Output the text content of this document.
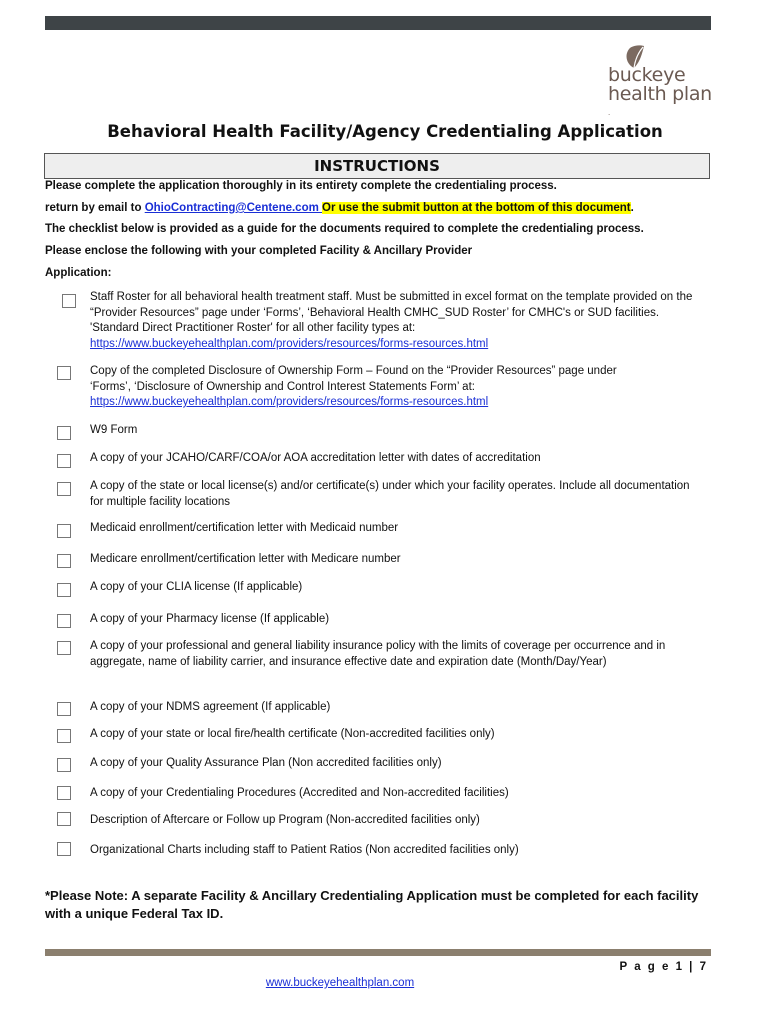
buckeye
health plan
.
Behavioral Health Facility/Agency Credentialing Application
INSTRUCTIONS
Please complete the application thoroughly in its entirety complete the credentialing process.
return by email to OhioContracting@Centene.com Or use the submit button at the bottom of this document.
The checklist below is provided as a guide for the documents required to complete the credentialing process.
Please enclose the following with your completed Facility & Ancillary Provider
Application:
Staff Roster for all behavioral health treatment staff. Must be submitted in excel format on the template provided on the “Provider Resources” page under ‘Forms’, ‘Behavioral Health CMHC_SUD Roster’ for CMHC's or SUD facilities. 'Standard Direct Practitioner Roster' for all other facility types at: https://www.buckeyehealthplan.com/providers/resources/forms-resources.html
Copy of the completed Disclosure of Ownership Form – Found on the “Provider Resources” page under ‘Forms’, ‘Disclosure of Ownership and Control Interest Statements Form’ at: https://www.buckeyehealthplan.com/providers/resources/forms-resources.html
W9 Form
A copy of your JCAHO/CARF/COA/or AOA accreditation letter with dates of accreditation
A copy of the state or local license(s) and/or certificate(s) under which your facility operates. Include all documentation for multiple facility locations
Medicaid enrollment/certification letter with Medicaid number
Medicare enrollment/certification letter with Medicare number
A copy of your CLIA license (If applicable)
A copy of your Pharmacy license (If applicable)
A copy of your professional and general liability insurance policy with the limits of coverage per occurrence and in aggregate, name of liability carrier, and insurance effective date and expiration date (Month/Day/Year)
A copy of your NDMS agreement (If applicable)
A copy of your state or local fire/health certificate (Non-accredited facilities only)
A copy of your Quality Assurance Plan (Non accredited facilities only)
A copy of your Credentialing Procedures (Accredited and Non-accredited facilities)
Description of Aftercare or Follow up Program (Non-accredited facilities only)
Organizational Charts including staff to Patient Ratios (Non accredited facilities only)
*Please Note: A separate Facility & Ancillary Credentialing Application must be completed for each facility with a unique Federal Tax ID.
P a g e 1 | 7
www.buckeyehealthplan.com
